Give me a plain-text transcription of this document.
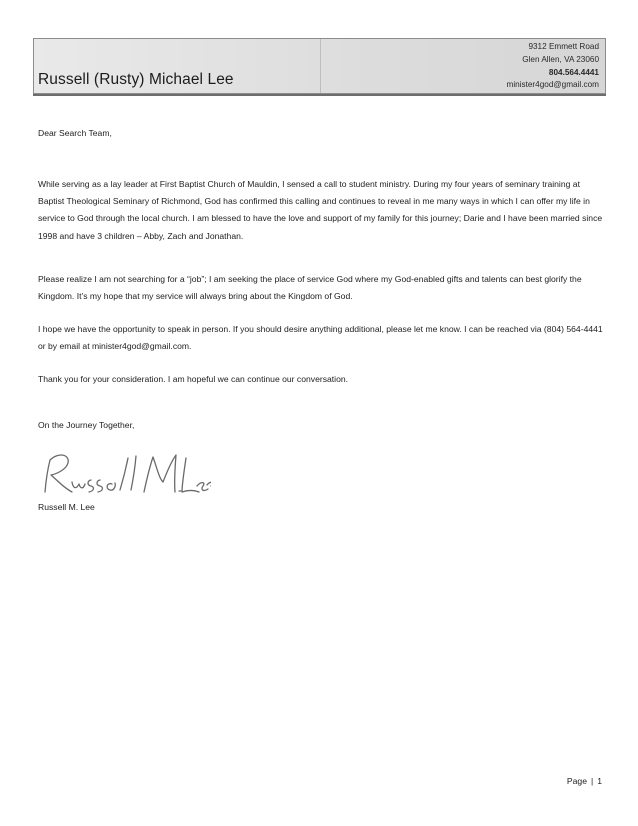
Russell (Rusty) Michael Lee
9312 Emmett Road
Glen Allen, VA 23060
804.564.4441
minister4god@gmail.com
Dear Search Team,

While serving as a lay leader at First Baptist Church of Mauldin, I sensed a call to student ministry. During my four years of seminary training at Baptist Theological Seminary of Richmond, God has confirmed this calling and continues to reveal in me many ways in which I can offer my life in service to God through the local church. I am blessed to have the love and support of my family for this journey; Darie and I have been married since 1998 and have 3 children – Abby, Zach and Jonathan.

Please realize I am not searching for a “job”; I am seeking the place of service God where my God-enabled gifts and talents can best glorify the Kingdom. It’s my hope that my service will always bring about the Kingdom of God.

I hope we have the opportunity to speak in person. If you should desire anything additional, please let me know. I can be reached via (804) 564-4441 or by email at minister4god@gmail.com.

Thank you for your consideration. I am hopeful we can continue our conversation.

On the Journey Together,
Russell M. Lee
Page | 1
